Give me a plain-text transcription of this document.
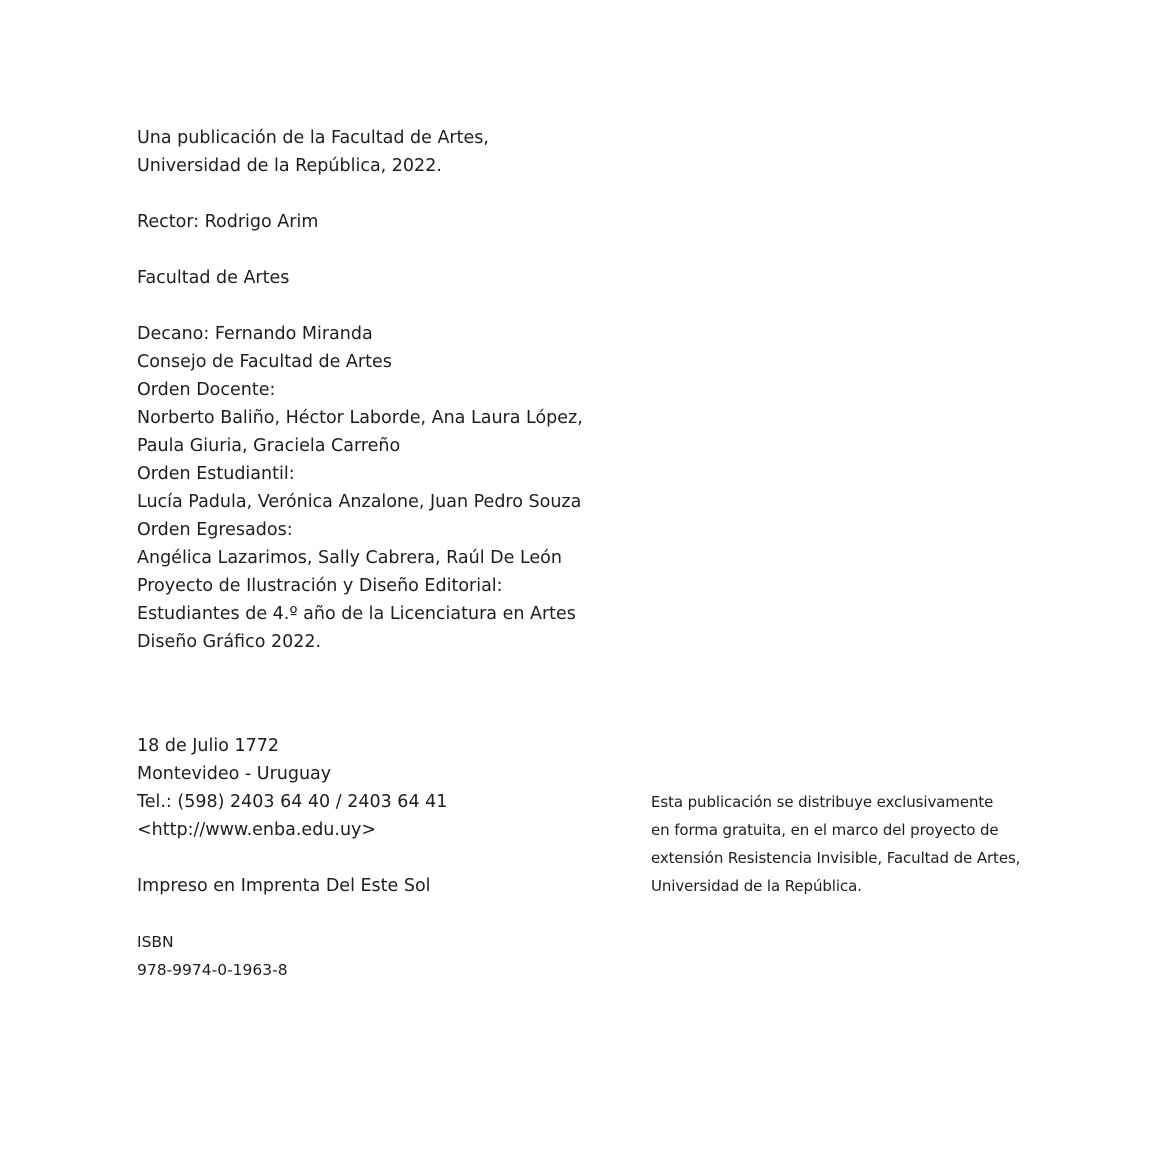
Una publicación de la Facultad de Artes,
Universidad de la República, 2022.
Rector: Rodrigo Arim
Facultad de Artes
Decano: Fernando Miranda
Consejo de Facultad de Artes
Orden Docente:
Norberto Baliño, Héctor Laborde, Ana Laura López,
Paula Giuria, Graciela Carreño
Orden Estudiantil:
Lucía Padula, Verónica Anzalone, Juan Pedro Souza
Orden Egresados:
Angélica Lazarimos, Sally Cabrera, Raúl De León
Proyecto de Ilustración y Diseño Editorial:
Estudiantes de 4.º año de la Licenciatura en Artes
Diseño Gráfico 2022.
18 de Julio 1772
Montevideo - Uruguay
Tel.: (598) 2403 64 40 / 2403 64 41
<http://www.enba.edu.uy>
Impreso en Imprenta Del Este Sol
ISBN
978-9974-0-1963-8
Esta publicación se distribuye exclusivamente
en forma gratuita, en el marco del proyecto de
extensión Resistencia Invisible, Facultad de Artes,
Universidad de la República.
